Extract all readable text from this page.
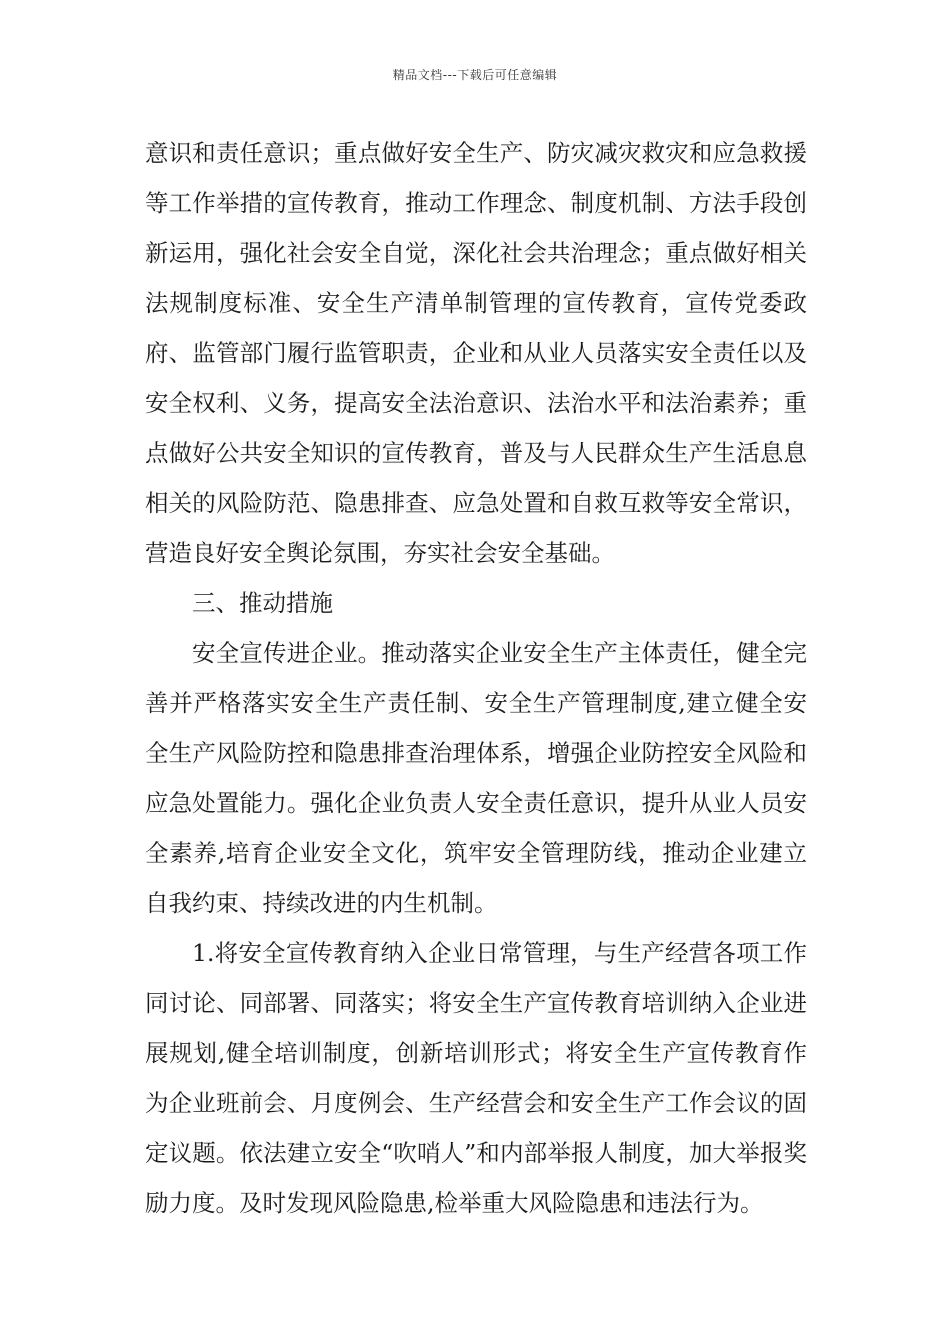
精品文档---下载后可任意编辑

意识和责任意识；重点做好安全生产、防灾减灾救灾和应急救援等工作举措的宣传教育，推动工作理念、制度机制、方法手段创新运用，强化社会安全自觉，深化社会共治理念；重点做好相关法规制度标准、安全生产清单制管理的宣传教育，宣传党委政府、监管部门履行监管职责，企业和从业人员落实安全责任以及安全权利、义务，提高安全法治意识、法治水平和法治素养；重点做好公共安全知识的宣传教育，普及与人民群众生产生活息息相关的风险防范、隐患排查、应急处置和自救互救等安全常识，营造良好安全舆论氛围，夯实社会安全基础。

三、推动措施

安全宣传进企业。推动落实企业安全生产主体责任，健全完善并严格落实安全生产责任制、安全生产管理制度,建立健全安全生产风险防控和隐患排查治理体系，增强企业防控安全风险和应急处置能力。强化企业负责人安全责任意识，提升从业人员安全素养,培育企业安全文化，筑牢安全管理防线，推动企业建立自我约束、持续改进的内生机制。

1.将安全宣传教育纳入企业日常管理，与生产经营各项工作同讨论、同部署、同落实；将安全生产宣传教育培训纳入企业进展规划,健全培训制度，创新培训形式；将安全生产宣传教育作为企业班前会、月度例会、生产经营会和安全生产工作会议的固定议题。依法建立安全“吹哨人”和内部举报人制度，加大举报奖励力度。及时发现风险隐患,检举重大风险隐患和违法行为。
